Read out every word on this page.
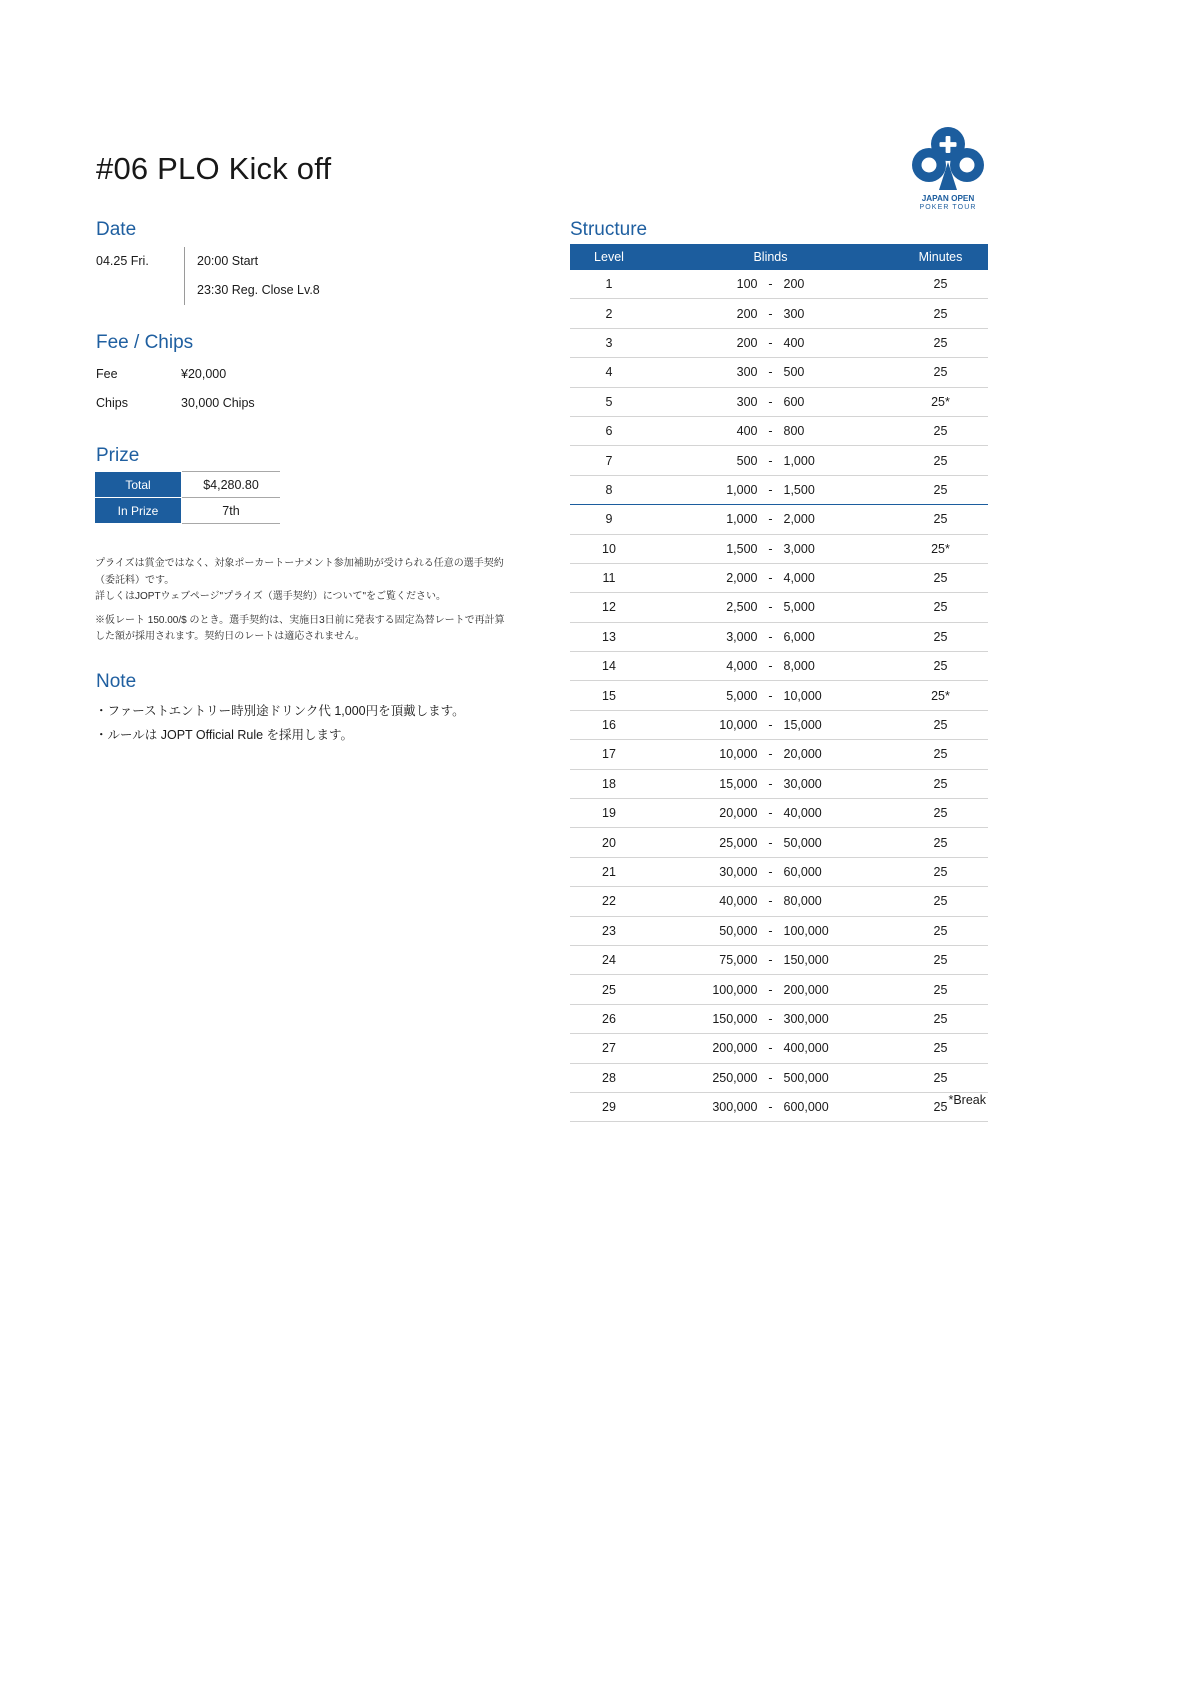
#06 PLO Kick off
JAPAN OPEN
POKER TOUR
Date
04.25 Fri.	20:00 Start
23:30 Reg. Close Lv.8
Fee / Chips
Fee	¥20,000
Chips	30,000 Chips
Prize
Total	$4,280.80
In Prize	7th

プライズは賞金ではなく、対象ポーカートーナメント参加補助が受けられる任意の選手契約

（委託料）です。

詳しくはJOPTウェブページ"プライズ（選手契約）について"をご覧ください。

※仮レート 150.00/$ のとき。選手契約は、実施日3日前に発表する固定為替レートで再計算

した額が採用されます。契約日のレートは適応されません。

Note
・ファーストエントリー時別途ドリンク代 1,000円を頂戴します。
・ルールは JOPT Official Rule を採用します。
Structure
Level	Blinds	Minutes
1	100 - 200	25
2	200 - 300	25
3	200 - 400	25
4	300 - 500	25
5	300 - 600	25*
6	400 - 800	25
7	500 - 1,000	25
8	1,000 - 1,500	25
9	1,000 - 2,000	25
10	1,500 - 3,000	25*
11	2,000 - 4,000	25
12	2,500 - 5,000	25
13	3,000 - 6,000	25
14	4,000 - 8,000	25
15	5,000 - 10,000	25*
16	10,000 - 15,000	25
17	10,000 - 20,000	25
18	15,000 - 30,000	25
19	20,000 - 40,000	25
20	25,000 - 50,000	25
21	30,000 - 60,000	25
22	40,000 - 80,000	25
23	50,000 - 100,000	25
24	75,000 - 150,000	25
25	100,000 - 200,000	25
26	150,000 - 300,000	25
27	200,000 - 400,000	25
28	250,000 - 500,000	25
29	300,000 - 600,000	25
*Break
